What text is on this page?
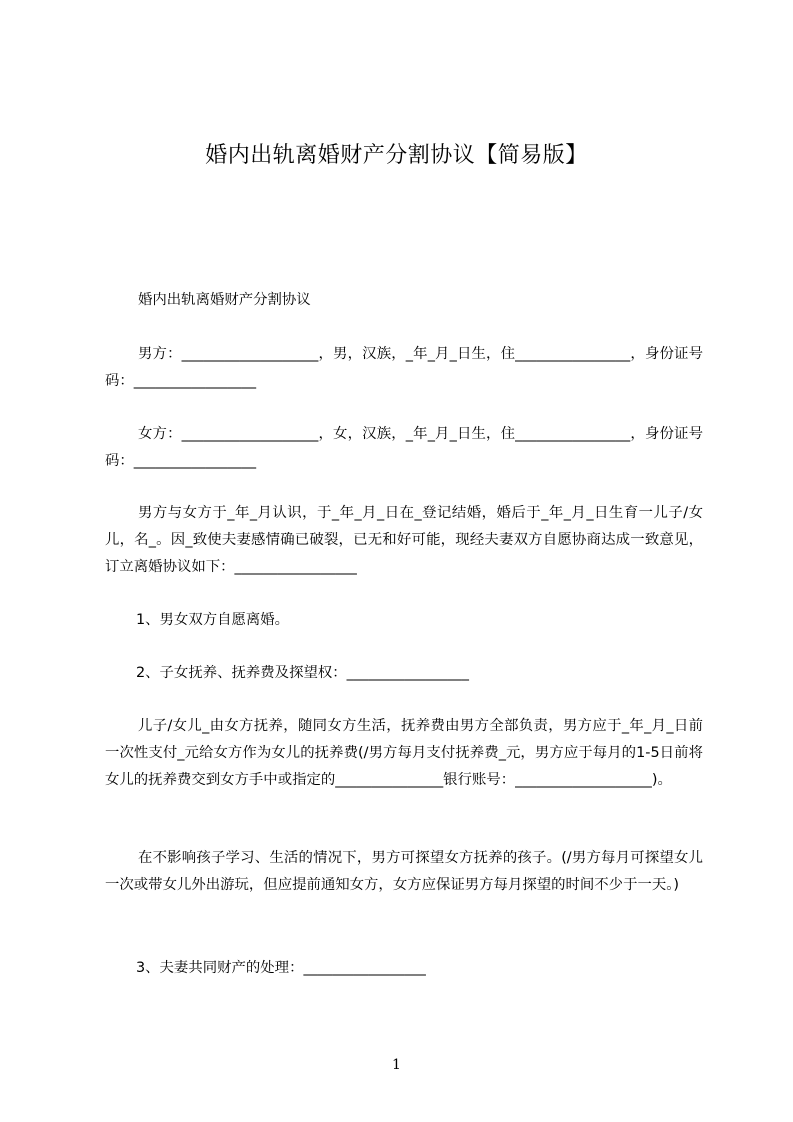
婚内出轨离婚财产分割协议【简易版】
婚内出轨离婚财产分割协议
男方：___________________，男，汉族，_年_月_日生，住________________，身份证号码：_________________
女方：___________________，女，汉族，_年_月_日生，住________________，身份证号码：_________________
男方与女方于_年_月认识，于_年_月_日在_登记结婚，婚后于_年_月_日生育一儿子/女儿，名_。因_致使夫妻感情确已破裂，已无和好可能，现经夫妻双方自愿协商达成一致意见，订立离婚协议如下：_________________
1、男女双方自愿离婚。
2、子女抚养、抚养费及探望权：_________________
儿子/女儿_由女方抚养，随同女方生活，抚养费由男方全部负责，男方应于_年_月_日前一次性支付_元给女方作为女儿的抚养费(/男方每月支付抚养费_元，男方应于每月的1-5日前将女儿的抚养费交到女方手中或指定的_______________银行账号：___________________)。
在不影响孩子学习、生活的情况下，男方可探望女方抚养的孩子。(/男方每月可探望女儿一次或带女儿外出游玩，但应提前通知女方，女方应保证男方每月探望的时间不少于一天。)
3、夫妻共同财产的处理：_________________
1
